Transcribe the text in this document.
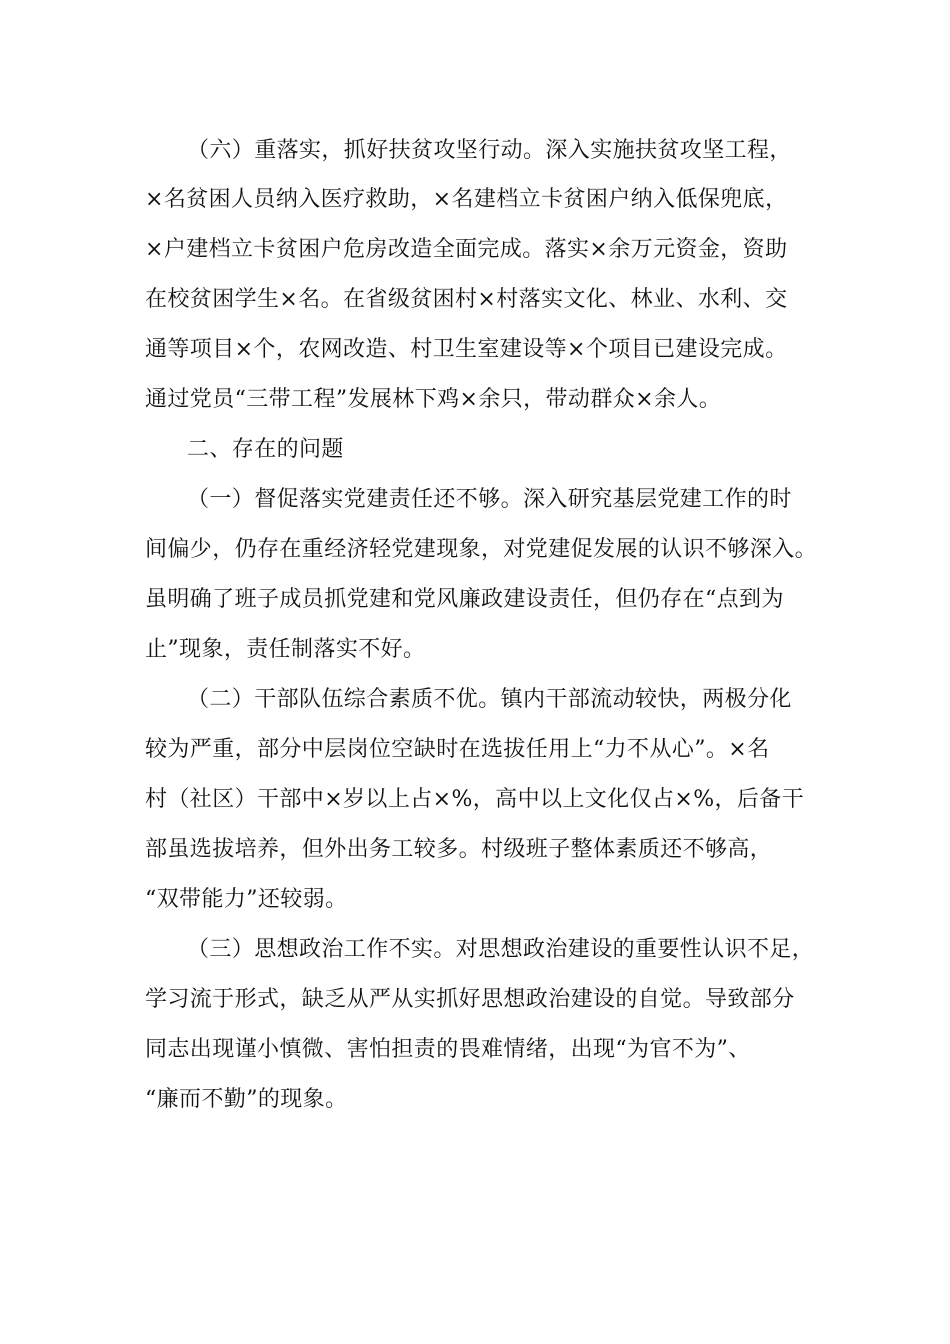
（六）重落实，抓好扶贫攻坚行动。深入实施扶贫攻坚工程，
×名贫困人员纳入医疗救助，×名建档立卡贫困户纳入低保兜底，
×户建档立卡贫困户危房改造全面完成。落实×余万元资金，资助
在校贫困学生×名。在省级贫困村×村落实文化、林业、水利、交
通等项目×个，农网改造、村卫生室建设等×个项目已建设完成。
通过党员“三带工程”发展林下鸡×余只，带动群众×余人。
二、存在的问题
（一）督促落实党建责任还不够。深入研究基层党建工作的时
间偏少，仍存在重经济轻党建现象，对党建促发展的认识不够深入。
虽明确了班子成员抓党建和党风廉政建设责任，但仍存在“点到为
止”现象，责任制落实不好。
（二）干部队伍综合素质不优。镇内干部流动较快，两极分化
较为严重，部分中层岗位空缺时在选拔任用上“力不从心”。×名
村（社区）干部中×岁以上占×%，高中以上文化仅占×%，后备干
部虽选拔培养，但外出务工较多。村级班子整体素质还不够高，
“双带能力”还较弱。
（三）思想政治工作不实。对思想政治建设的重要性认识不足，
学习流于形式，缺乏从严从实抓好思想政治建设的自觉。导致部分
同志出现谨小慎微、害怕担责的畏难情绪，出现“为官不为”、
“廉而不勤”的现象。
